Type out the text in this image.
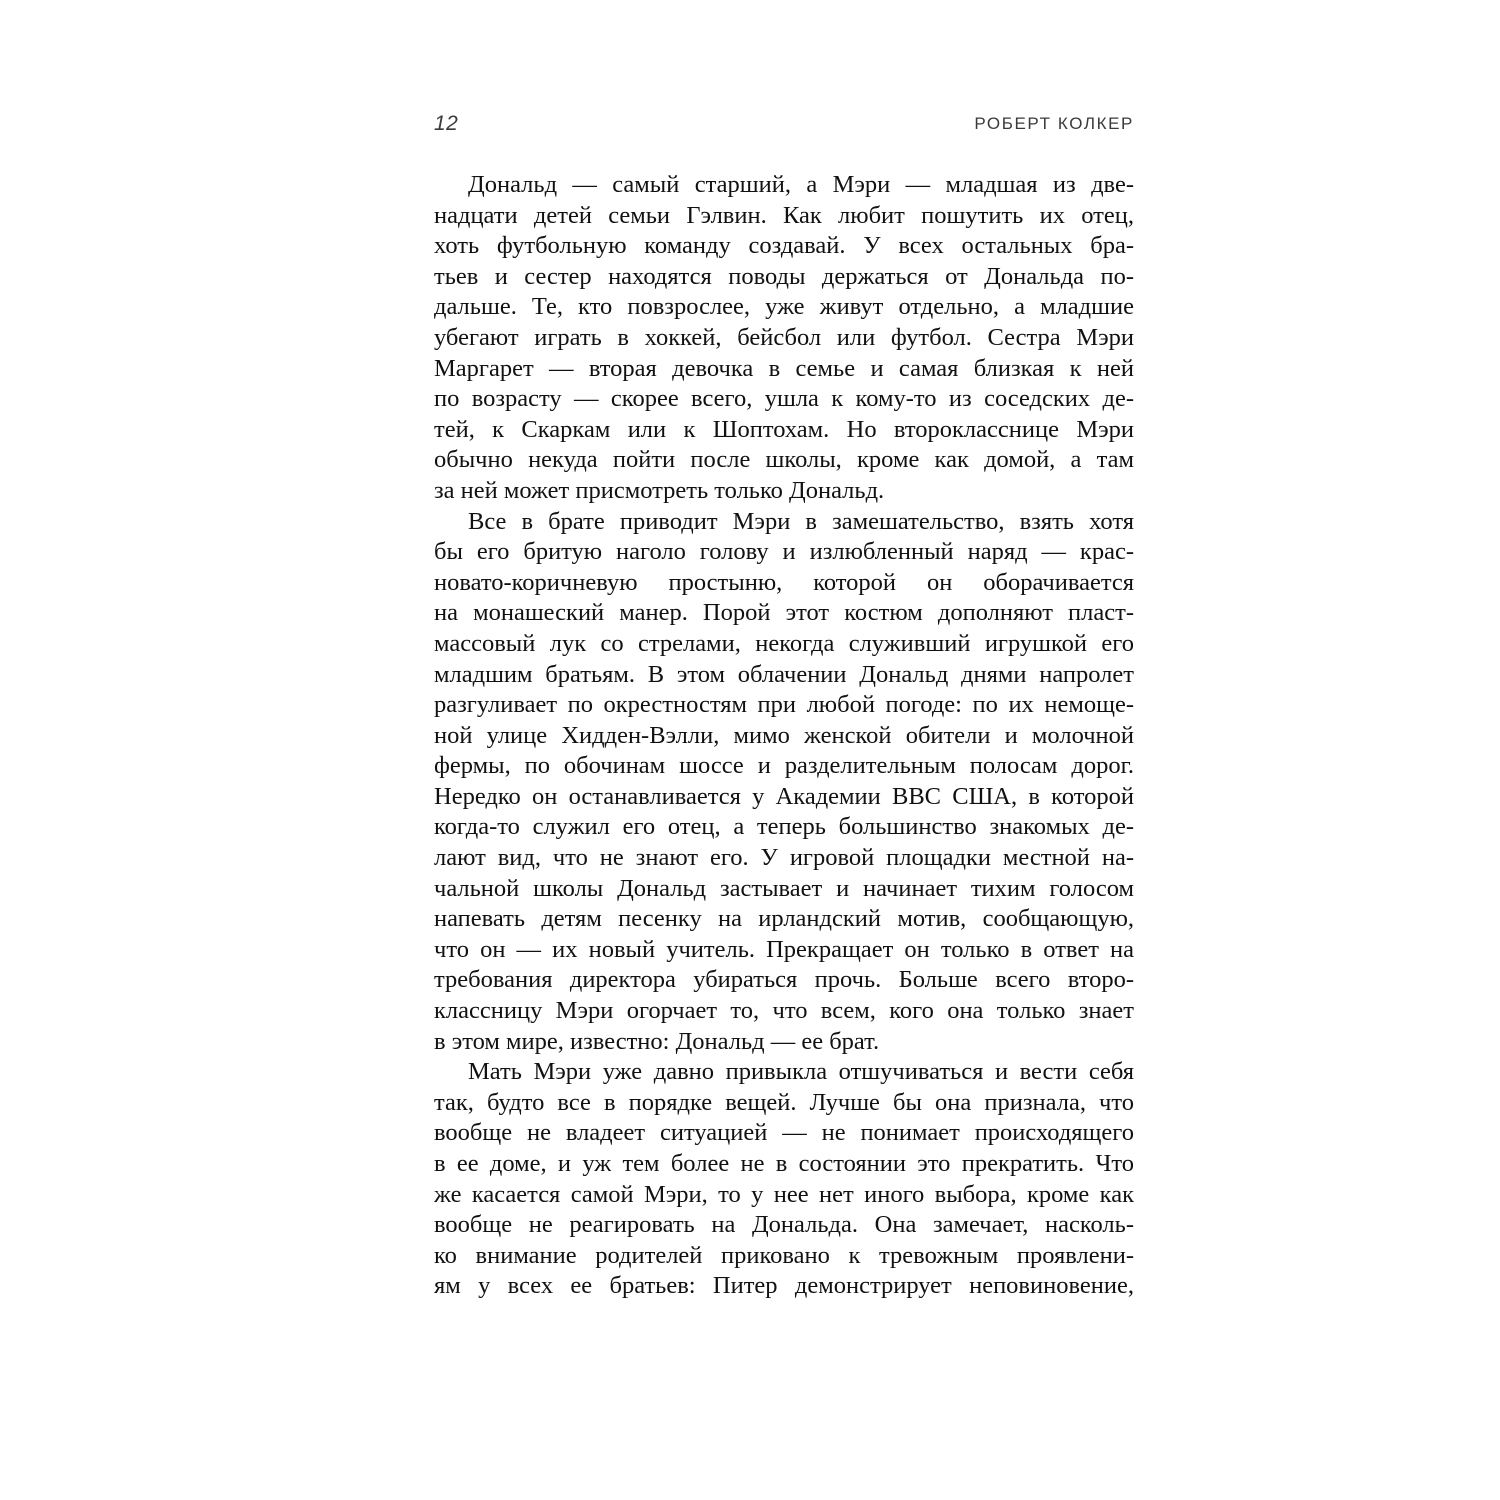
12	РОБЕРТ КОЛКЕР
Дональд — самый старший, а Мэри — младшая из две-
надцати детей семьи Гэлвин. Как любит пошутить их отец,
хоть футбольную команду создавай. У всех остальных бра-
тьев и сестер находятся поводы держаться от Дональда по-
дальше. Те, кто повзрослее, уже живут отдельно, а младшие
убегают играть в хоккей, бейсбол или футбол. Сестра Мэри
Маргарет — вторая девочка в семье и самая близкая к ней
по возрасту — скорее всего, ушла к кому-то из соседских де-
тей, к Скаркам или к Шоптохам. Но второкласснице Мэри
обычно некуда пойти после школы, кроме как домой, а там
за ней может присмотреть только Дональд.
Все в брате приводит Мэри в замешательство, взять хотя
бы его бритую наголо голову и излюбленный наряд — крас-
новато-коричневую простыню, которой он оборачивается
на монашеский манер. Порой этот костюм дополняют пласт-
массовый лук со стрелами, некогда служивший игрушкой его
младшим братьям. В этом облачении Дональд днями напролет
разгуливает по окрестностям при любой погоде: по их немоще-
ной улице Хидден-Вэлли, мимо женской обители и молочной
фермы, по обочинам шоссе и разделительным полосам дорог.
Нередко он останавливается у Академии ВВС США, в которой
когда-то служил его отец, а теперь большинство знакомых де-
лают вид, что не знают его. У игровой площадки местной на-
чальной школы Дональд застывает и начинает тихим голосом
напевать детям песенку на ирландский мотив, сообщающую,
что он — их новый учитель. Прекращает он только в ответ на
требования директора убираться прочь. Больше всего второ-
классницу Мэри огорчает то, что всем, кого она только знает
в этом мире, известно: Дональд — ее брат.
Мать Мэри уже давно привыкла отшучиваться и вести себя
так, будто все в порядке вещей. Лучше бы она признала, что
вообще не владеет ситуацией — не понимает происходящего
в ее доме, и уж тем более не в состоянии это прекратить. Что
же касается самой Мэри, то у нее нет иного выбора, кроме как
вообще не реагировать на Дональда. Она замечает, насколь-
ко внимание родителей приковано к тревожным проявлени-
ям у всех ее братьев: Питер демонстрирует неповиновение,
